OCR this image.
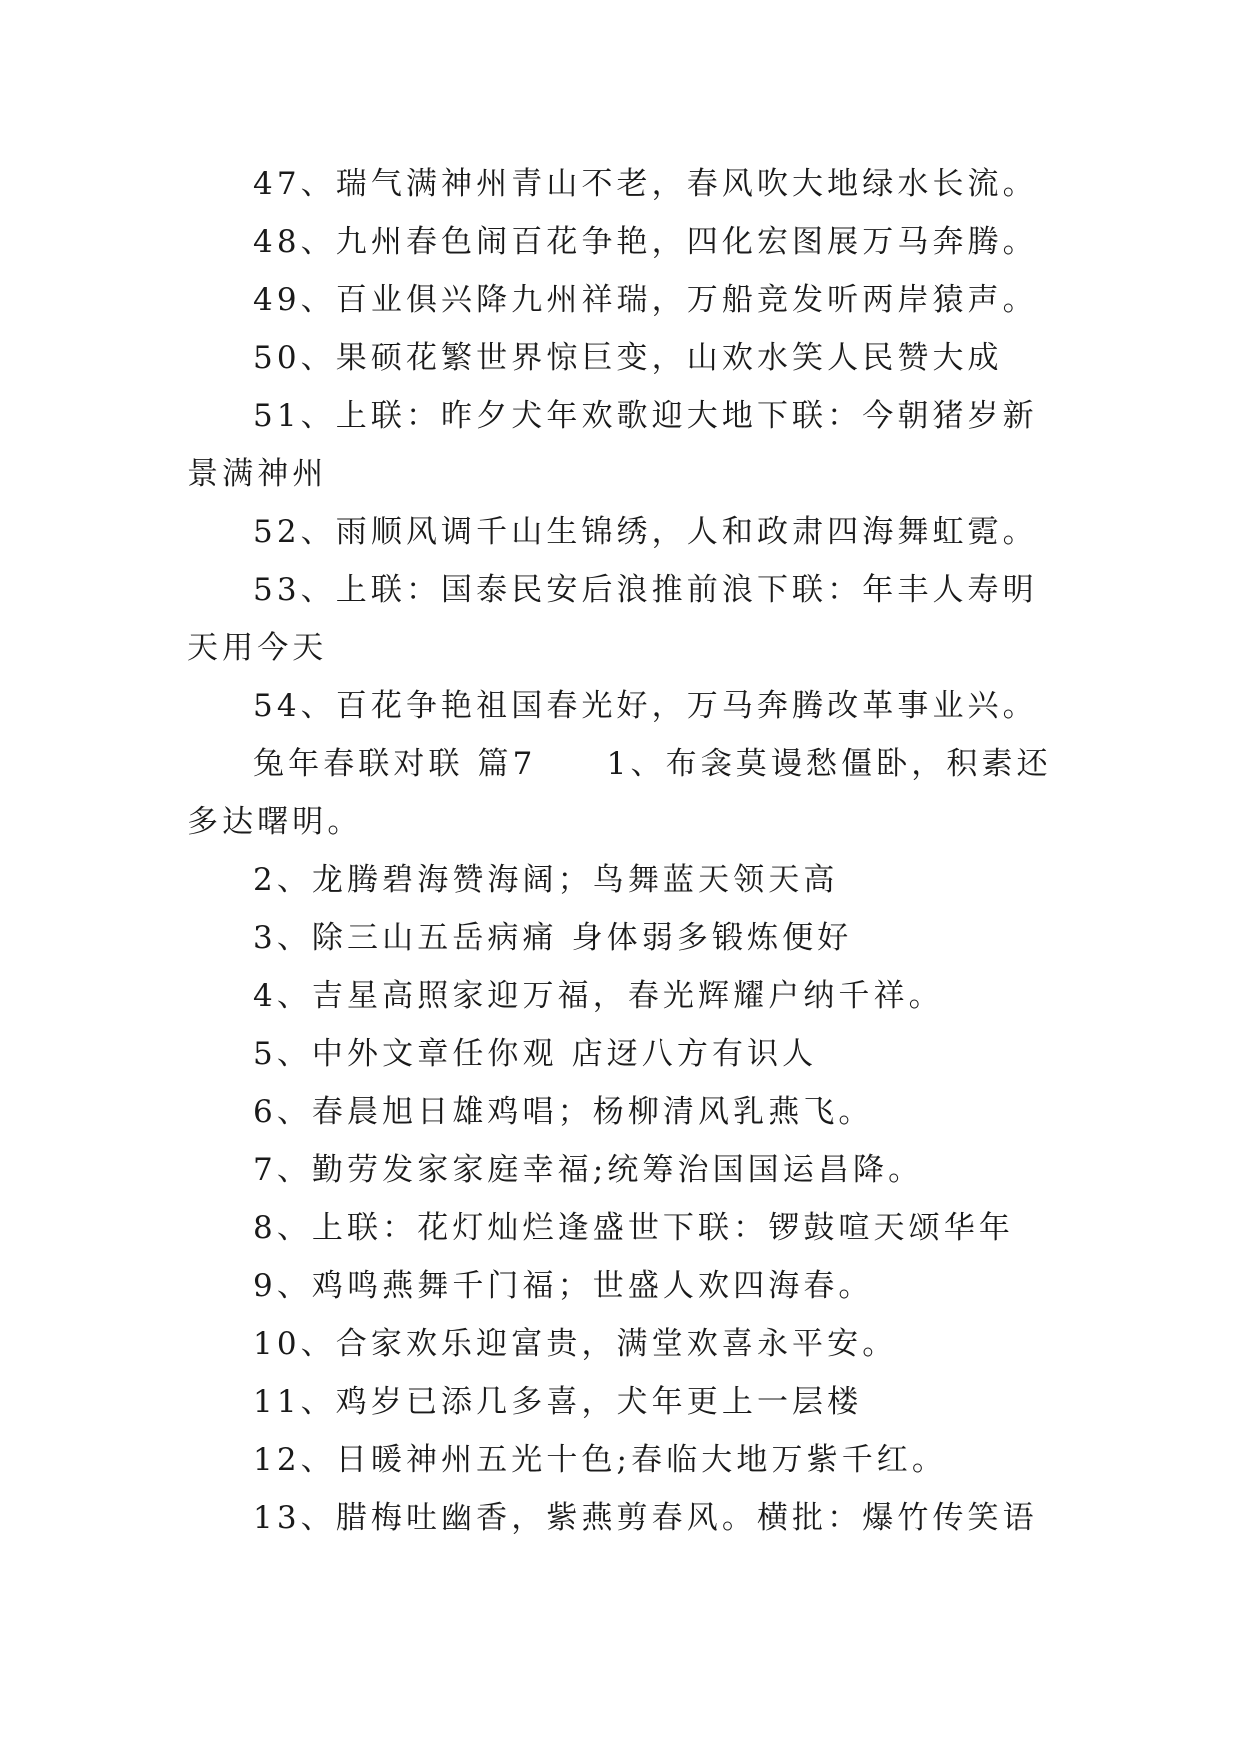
47、瑞气满神州青山不老，春风吹大地绿水长流。

48、九州春色闹百花争艳，四化宏图展万马奔腾。

49、百业俱兴降九州祥瑞，万船竞发听两岸猿声。

50、果硕花繁世界惊巨变，山欢水笑人民赞大成

51、上联：昨夕犬年欢歌迎大地下联：今朝猪岁新景满神州

52、雨顺风调千山生锦绣，人和政肃四海舞虹霓。

53、上联：国泰民安后浪推前浪下联：年丰人寿明天用今天

54、百花争艳祖国春光好，万马奔腾改革事业兴。

兔年春联对联 篇7　　1、布衾莫谩愁僵卧，积素还多达曙明。

2、龙腾碧海赞海阔；鸟舞蓝天领天高

3、除三山五岳病痛 身体弱多锻炼便好

4、吉星高照家迎万福，春光辉耀户纳千祥。

5、中外文章任你观 店迓八方有识人

6、春晨旭日雄鸡唱；杨柳清风乳燕飞。

7、勤劳发家家庭幸福;统筹治国国运昌降。

8、上联：花灯灿烂逢盛世下联：锣鼓喧天颂华年

9、鸡鸣燕舞千门福；世盛人欢四海春。

10、合家欢乐迎富贵，满堂欢喜永平安。

11、鸡岁已添几多喜，犬年更上一层楼

12、日暖神州五光十色;春临大地万紫千红。

13、腊梅吐幽香，紫燕剪春风。横批：爆竹传笑语
